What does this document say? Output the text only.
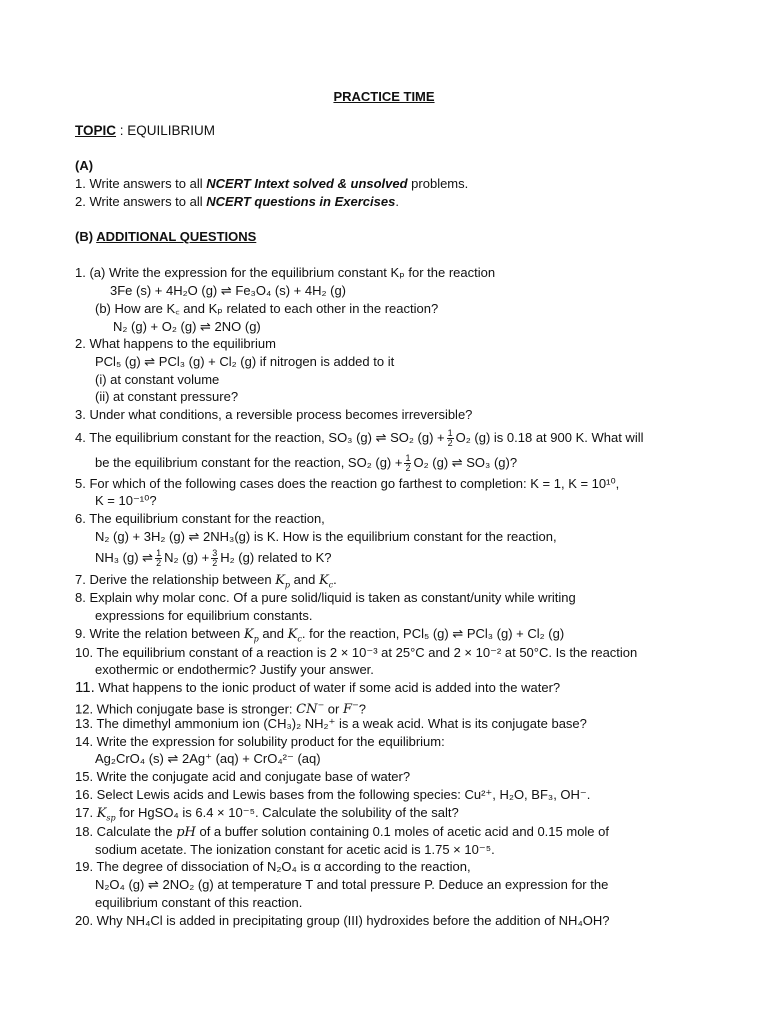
PRACTICE TIME
TOPIC : EQUILIBRIUM
(A)
1. Write answers to all NCERT Intext solved & unsolved problems.
2. Write answers to all NCERT questions in Exercises.
(B) ADDITIONAL QUESTIONS
1. (a) Write the expression for the equilibrium constant Kₚ for the reaction
3Fe (s) + 4H₂O (g) ⇌ Fe₃O₄ (s) + 4H₂ (g)
(b) How are K꜀ and Kₚ related to each other in the reaction?
N₂ (g) + O₂ (g) ⇌ 2NO (g)
2. What happens to the equilibrium
PCl₅ (g) ⇌ PCl₃ (g) + Cl₂ (g) if nitrogen is added to it
(i) at constant volume
(ii) at constant pressure?
3. Under what conditions, a reversible process becomes irreversible?
4. The equilibrium constant for the reaction, SO₃ (g) ⇌ SO₂ $(g) + \frac{1}{2} O_2$ (g) is 0.18 at 900 K. What will
be the equilibrium constant for the reaction, SO₂ $(g) + \frac{1}{2} O_2$ (g) ⇌ SO₃ (g)?
5. For which of the following cases does the reaction go farthest to completion: K = 1, K = 10¹⁰,
K = 10⁻¹⁰?
6. The equilibrium constant for the reaction,
N₂ (g) + 3H₂ (g) ⇌ 2NH₃(g) is K. How is the equilibrium constant for the reaction,
NH₃ (g) ⇌ $\frac{1}{2} N_2$ $(g) + \frac{3}{2} H_2$ (g) related to K?
7. Derive the relationship between $K_p$ and $K_c$.
8. Explain why molar conc. Of a pure solid/liquid is taken as constant/unity while writing
expressions for equilibrium constants.
9. Write the relation between $K_p$ and $K_c$. for the reaction, PCl₅ (g) ⇌ PCl₃ (g) + Cl₂ (g)
10. The equilibrium constant of a reaction is 2 × 10⁻³ at 25°C and 2 × 10⁻² at 50°C. Is the reaction
exothermic or endothermic? Justify your answer.
11. What happens to the ionic product of water if some acid is added into the water?
12. Which conjugate base is stronger: CN− or F−?
13. The dimethyl ammonium ion (CH₃)₂ NH₂⁺ is a weak acid. What is its conjugate base?
14. Write the expression for solubility product for the equilibrium:
Ag₂CrO₄ (s) ⇌ 2Ag⁺ (aq) + CrO₄²⁻ (aq)
15. Write the conjugate acid and conjugate base of water?
16. Select Lewis acids and Lewis bases from the following species: Cu²⁺, H₂O, BF₃, OH⁻.
17. $K_{sp}$ for HgSO₄ is 6.4 × 10⁻⁵. Calculate the solubility of the salt?
18. Calculate the pH of a buffer solution containing 0.1 moles of acetic acid and 0.15 mole of
sodium acetate. The ionization constant for acetic acid is 1.75 × 10⁻⁵.
19. The degree of dissociation of N₂O₄ is α according to the reaction,
N₂O₄ (g) ⇌ 2NO₂ (g) at temperature T and total pressure P. Deduce an expression for the
equilibrium constant of this reaction.
20. Why NH₄Cl is added in precipitating group (III) hydroxides before the addition of NH₄OH?
